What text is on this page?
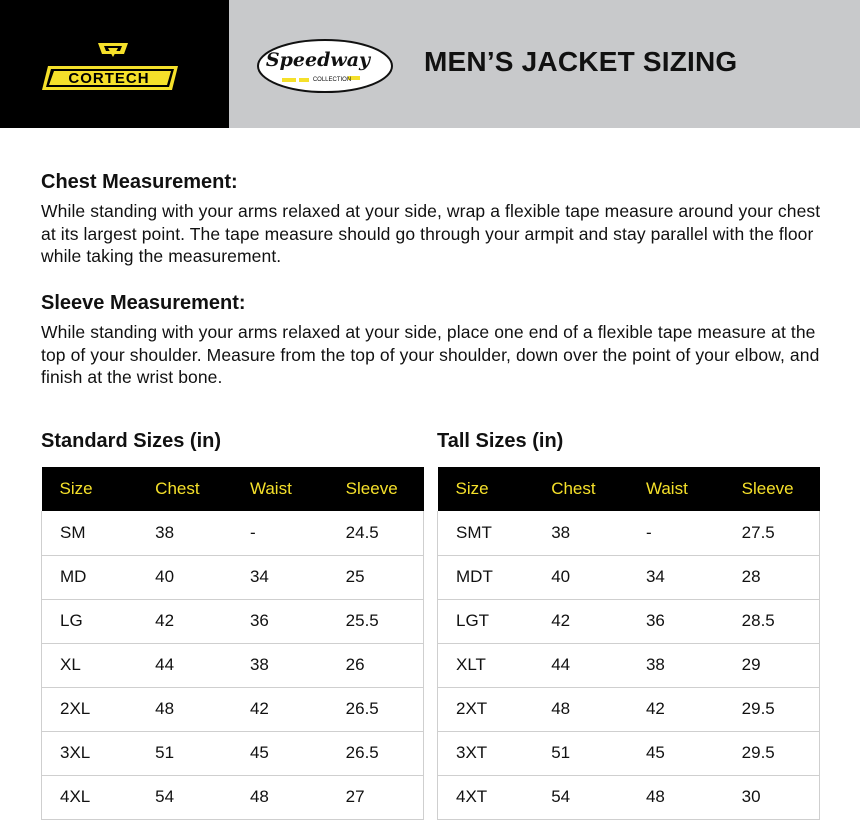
CORTECH
Speedway
COLLECTION
MEN’S JACKET SIZING
Chest Measurement:
While standing with your arms relaxed at your side, wrap a flexible tape measure around your chest at its largest point. The tape measure should go through your armpit and stay parallel with the floor while taking the measurement.
Sleeve Measurement:
While standing with your arms relaxed at your side, place one end of a flexible tape measure at the top of your shoulder. Measure from the top of your shoulder, down over the point of your elbow, and finish at the wrist bone.
Standard Sizes (in)	Tall Sizes (in)
Size	Chest	Waist	Sleeve
SM	38	-	24.5
MD	40	34	25
LG	42	36	25.5
XL	44	38	26
2XL	48	42	26.5
3XL	51	45	26.5
4XL	54	48	27
Size	Chest	Waist	Sleeve
SMT	38	-	27.5
MDT	40	34	28
LGT	42	36	28.5
XLT	44	38	29
2XT	48	42	29.5
3XT	51	45	29.5
4XT	54	48	30
